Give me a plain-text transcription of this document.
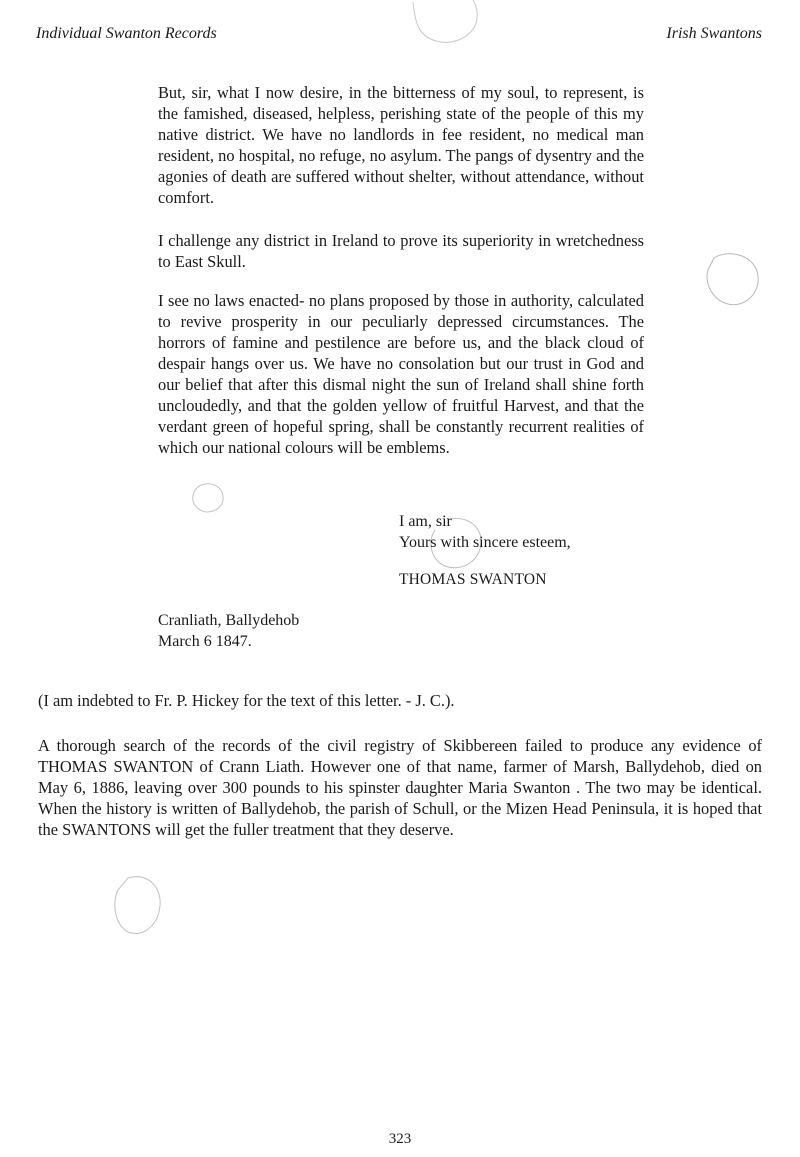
Individual Swanton Records	Irish Swantons
But, sir, what I now desire, in the bitterness of my soul, to represent, is the famished, diseased, helpless, perishing state of the people of this my native district. We have no landlords in fee resident, no medical man resident, no hospital, no refuge, no asylum. The pangs of dysentry and the agonies of death are suffered without shelter, without attendance, without comfort.
I challenge any district in Ireland to prove its superiority in wretchedness to East Skull.
I see no laws enacted- no plans proposed by those in authority, calculated to revive prosperity in our peculiarly depressed circumstances. The horrors of famine and pestilence are before us, and the black cloud of despair hangs over us. We have no consolation but our trust in God and our belief that after this dismal night the sun of Ireland shall shine forth uncloudedly, and that the golden yellow of fruitful Harvest, and that the verdant green of hopeful spring, shall be constantly recurrent realities of which our national colours will be emblems.
I am, sir
Yours with sincere esteem,
THOMAS SWANTON
Cranliath, Ballydehob
March 6 1847.
(I am indebted to Fr. P. Hickey for the text of this letter. - J. C.).
A thorough search of the records of the civil registry of Skibbereen failed to produce any evidence of THOMAS SWANTON of Crann Liath. However one of that name, farmer of Marsh, Ballydehob, died on May 6, 1886, leaving over 300 pounds to his spinster daughter Maria Swanton . The two may be identical. When the history is written of Ballydehob, the parish of Schull, or the Mizen Head Peninsula, it is hoped that the SWANTONS will get the fuller treatment that they deserve.
323
